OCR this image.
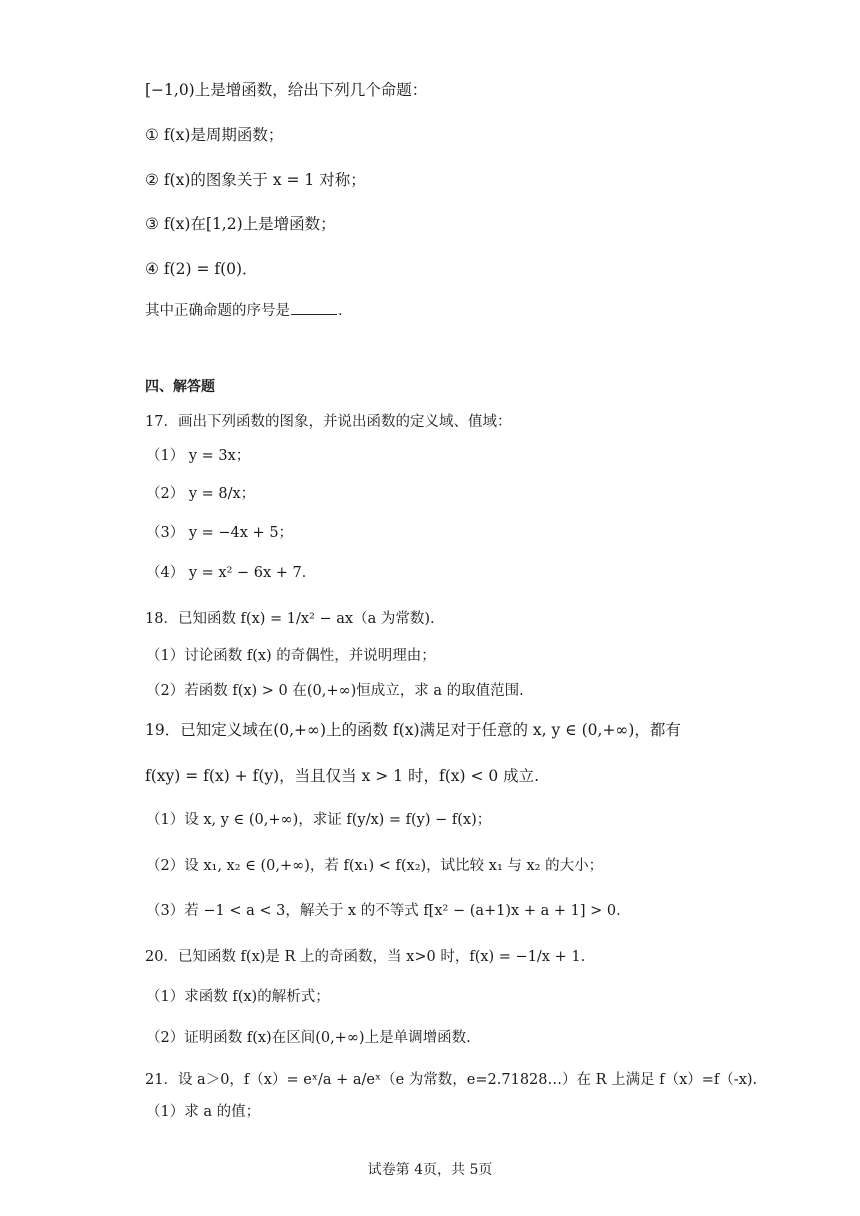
[−1,0)上是增函数，给出下列几个命题：
① f(x)是周期函数；
② f(x)的图象关于 x = 1 对称；
③ f(x)在[1,2)上是增函数；
④ f(2) = f(0)．
其中正确命题的序号是	．
四、解答题
17．画出下列函数的图象，并说出函数的定义域、值域：
（1） y = 3x；
（2） y = 8/x；
（3） y = −4x + 5；
（4） y = x² − 6x + 7．
18．已知函数 f(x) = 1/x² − ax（a 为常数).
（1）讨论函数 f(x) 的奇偶性，并说明理由；
（2）若函数 f(x) > 0 在(0,+∞)恒成立，求 a 的取值范围.
19．已知定义域在(0,+∞)上的函数 f(x)满足对于任意的 x, y ∈ (0,+∞)，都有
f(xy) = f(x) + f(y)，当且仅当 x > 1 时，f(x) < 0 成立.
（1）设 x, y ∈ (0,+∞)，求证 f(y/x) = f(y) − f(x)；
（2）设 x₁, x₂ ∈ (0,+∞)，若 f(x₁) < f(x₂)，试比较 x₁ 与 x₂ 的大小；
（3）若 −1 < a < 3，解关于 x 的不等式 f[x² − (a+1)x + a + 1] > 0．
20．已知函数 f(x)是 R 上的奇函数，当 x>0 时，f(x) = −1/x + 1.
（1）求函数 f(x)的解析式；
（2）证明函数 f(x)在区间(0,+∞)上是单调增函数.
21．设 a＞0，f（x）= eˣ/a + a/eˣ（e 为常数，e=2.71828…）在 R 上满足 f（x）=f（-x).
（1）求 a 的值；
试卷第 4页，共 5页
